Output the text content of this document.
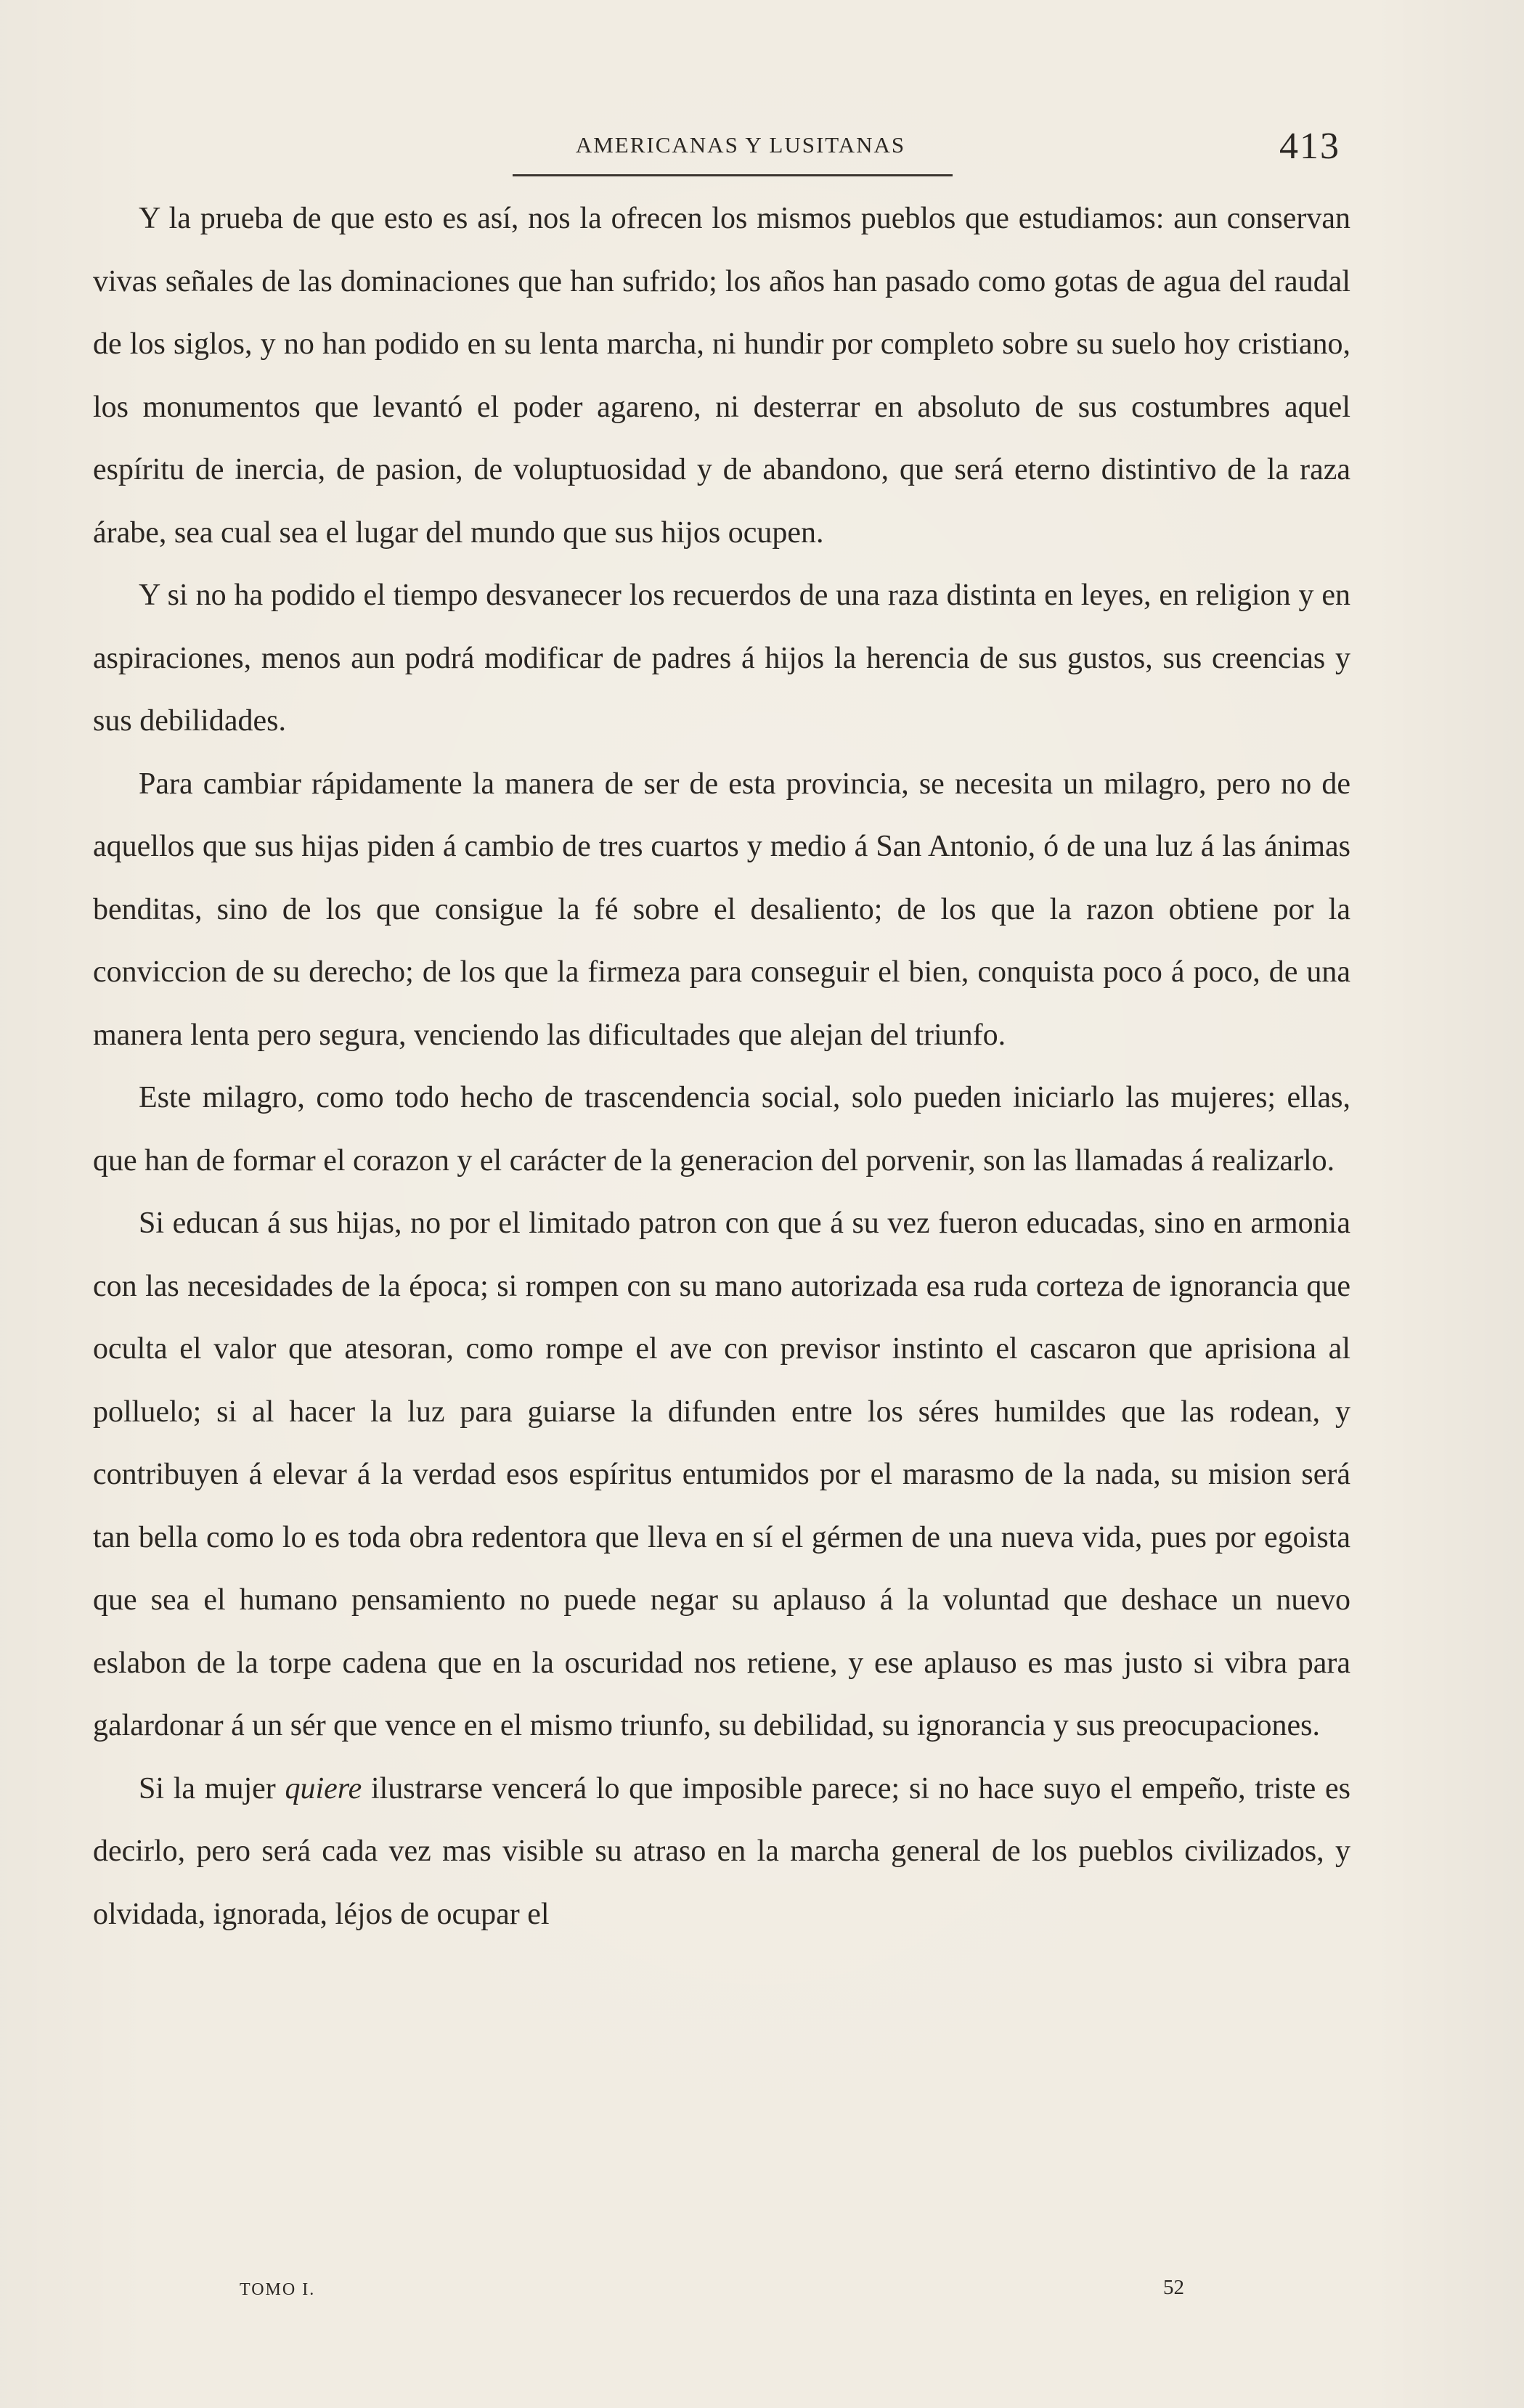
AMERICANAS Y LUSITANAS	413

Y la prueba de que esto es así, nos la ofrecen los mismos pueblos que estudiamos: aun conservan vivas señales de las dominaciones que han sufrido; los años han pasado como gotas de agua del raudal de los siglos, y no han podido en su lenta marcha, ni hundir por completo sobre su suelo hoy cristiano, los monumentos que levantó el poder agareno, ni desterrar en absoluto de sus costumbres aquel espíritu de inercia, de pasion, de voluptuosidad y de abandono, que será eterno distintivo de la raza árabe, sea cual sea el lugar del mundo que sus hijos ocupen.

Y si no ha podido el tiempo desvanecer los recuerdos de una raza distinta en leyes, en religion y en aspiraciones, menos aun podrá modificar de padres á hijos la herencia de sus gustos, sus creencias y sus debilidades.

Para cambiar rápidamente la manera de ser de esta provincia, se necesita un milagro, pero no de aquellos que sus hijas piden á cambio de tres cuartos y medio á San Antonio, ó de una luz á las ánimas benditas, sino de los que consigue la fé sobre el desaliento; de los que la razon obtiene por la conviccion de su derecho; de los que la firmeza para conseguir el bien, conquista poco á poco, de una manera lenta pero segura, venciendo las dificultades que alejan del triunfo.

Este milagro, como todo hecho de trascendencia social, solo pueden iniciarlo las mujeres; ellas, que han de formar el corazon y el carácter de la generacion del porvenir, son las llamadas á realizarlo.

Si educan á sus hijas, no por el limitado patron con que á su vez fueron educadas, sino en armonia con las necesidades de la época; si rompen con su mano autorizada esa ruda corteza de ignorancia que oculta el valor que atesoran, como rompe el ave con previsor instinto el cascaron que aprisiona al polluelo; si al hacer la luz para guiarse la difunden entre los séres humildes que las rodean, y contribuyen á elevar á la verdad esos espíritus entumidos por el marasmo de la nada, su mision será tan bella como lo es toda obra redentora que lleva en sí el gérmen de una nueva vida, pues por egoista que sea el humano pensamiento no puede negar su aplauso á la voluntad que deshace un nuevo eslabon de la torpe cadena que en la oscuridad nos retiene, y ese aplauso es mas justo si vibra para galardonar á un sér que vence en el mismo triunfo, su debilidad, su ignorancia y sus preocupaciones.

Si la mujer quiere ilustrarse vencerá lo que imposible parece; si no hace suyo el empeño, triste es decirlo, pero será cada vez mas visible su atraso en la marcha general de los pueblos civilizados, y olvidada, ignorada, léjos de ocupar el

TOMO I.	52
